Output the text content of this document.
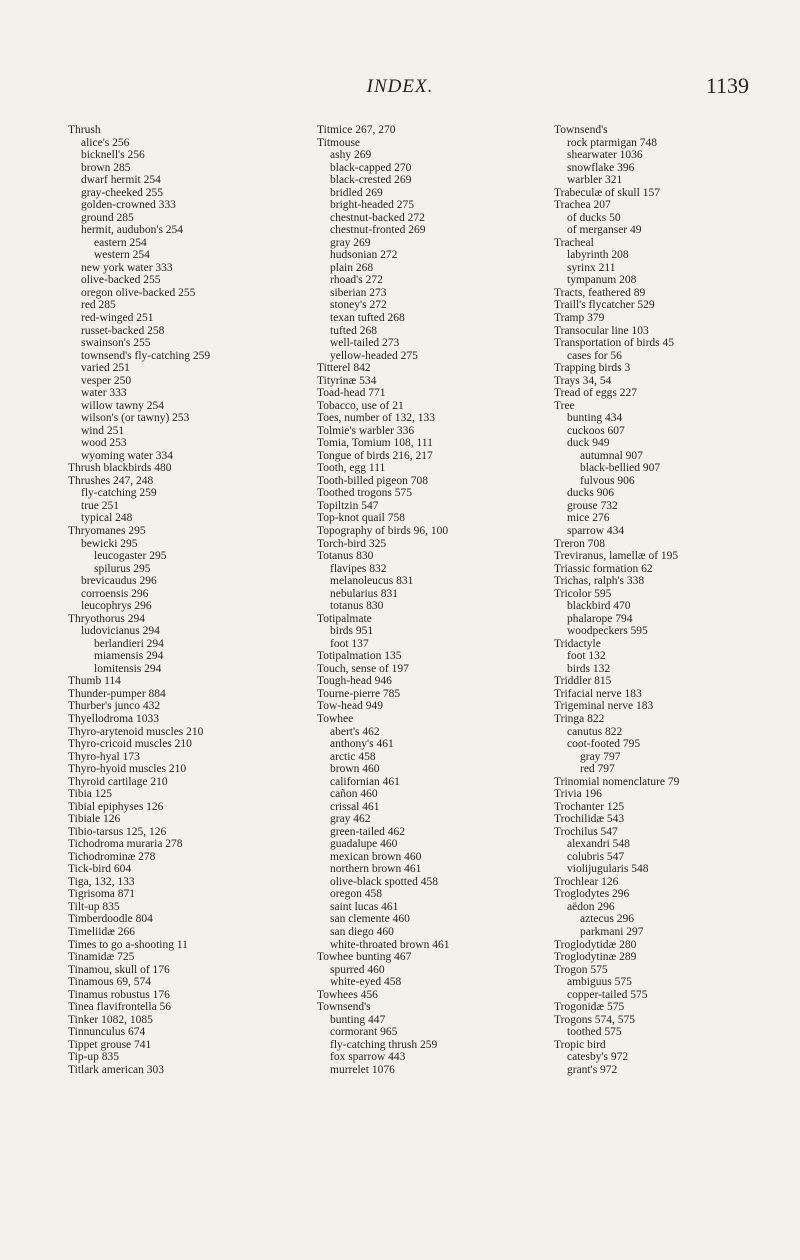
INDEX.	1139
Thrush
alice's 256
bicknell's 256
brown 285
dwarf hermit 254
gray-cheeked 255
golden-crowned 333
ground 285
hermit, audubon's 254
eastern 254
western 254
new york water 333
olive-backed 255
oregon olive-backed 255
red 285
red-winged 251
russet-backed 258
swainson's 255
townsend's fly-catching 259
varied 251
vesper 250
water 333
willow tawny 254
wilson's (or tawny) 253
wind 251
wood 253
wyoming water 334
Thrush blackbirds 480
Thrushes 247, 248
fly-catching 259
true 251
typical 248
Thryomanes 295
bewicki 295
leucogaster 295
spilurus 295
brevicaudus 296
corroensis 296
leucophrys 296
Thryothorus 294
ludovicianus 294
berlandieri 294
miamensis 294
lomitensis 294
Thumb 114
Thunder-pumper 884
Thurber's junco 432
Thyellodroma 1033
Thyro-arytenoid muscles 210
Thyro-cricoid muscles 210
Thyro-hyal 173
Thyro-hyoid muscles 210
Thyroid cartilage 210
Tibia 125
Tibial epiphyses 126
Tibiale 126
Tibio-tarsus 125, 126
Tichodroma muraria 278
Tichodrominæ 278
Tick-bird 604
Tiga, 132, 133
Tigrisoma 871
Tilt-up 835
Timberdoodle 804
Timeliidæ 266
Times to go a-shooting 11
Tinamidæ 725
Tinamou, skull of 176
Tinamous 69, 574
Tinamus robustus 176
Tinea flavifrontella 56
Tinker 1082, 1085
Tinnunculus 674
Tippet grouse 741
Tip-up 835
Titlark american 303
Titmice 267, 270
Titmouse
ashy 269
black-capped 270
black-crested 269
bridled 269
bright-headed 275
chestnut-backed 272
chestnut-fronted 269
gray 269
hudsonian 272
plain 268
rhoad's 272
siberian 273
stoney's 272
texan tufted 268
tufted 268
well-tailed 273
yellow-headed 275
Titterel 842
Tityrinæ 534
Toad-head 771
Tobacco, use of 21
Toes, number of 132, 133
Tolmie's warbler 336
Tomia, Tomium 108, 111
Tongue of birds 216, 217
Tooth, egg 111
Tooth-billed pigeon 708
Toothed trogons 575
Topiltzin 547
Top-knot quail 758
Topography of birds 96, 100
Torch-bird 325
Totanus 830
flavipes 832
melanoleucus 831
nebularius 831
totanus 830
Totipalmate
birds 951
foot 137
Totipalmation 135
Touch, sense of 197
Tough-head 946
Tourne-pierre 785
Tow-head 949
Towhee
abert's 462
anthony's 461
arctic 458
brown 460
californian 461
cañon 460
crissal 461
gray 462
green-tailed 462
guadalupe 460
mexican brown 460
northern brown 461
olive-black spotted 458
oregon 458
saint lucas 461
san clemente 460
san diego 460
white-throated brown 461
Towhee bunting 467
spurred 460
white-eyed 458
Towhees 456
Townsend's
bunting 447
cormorant 965
fly-catching thrush 259
fox sparrow 443
murrelet 1076
Townsend's
rock ptarmigan 748
shearwater 1036
snowflake 396
warbler 321
Trabeculæ of skull 157
Trachea 207
of ducks 50
of merganser 49
Tracheal
labyrinth 208
syrinx 211
tympanum 208
Tracts, feathered 89
Traill's flycatcher 529
Tramp 379
Transocular line 103
Transportation of birds 45
cases for 56
Trapping birds 3
Trays 34, 54
Tread of eggs 227
Tree
bunting 434
cuckoos 607
duck 949
autumnal 907
black-bellied 907
fulvous 906
ducks 906
grouse 732
mice 276
sparrow 434
Treron 708
Treviranus, lamellæ of 195
Triassic formation 62
Trichas, ralph's 338
Tricolor 595
blackbird 470
phalarope 794
woodpeckers 595
Tridactyle
foot 132
birds 132
Triddler 815
Trifacial nerve 183
Trigeminal nerve 183
Tringa 822
canutus 822
coot-footed 795
gray 797
red 797
Trinomial nomenclature 79
Trivia 196
Trochanter 125
Trochilidæ 543
Trochilus 547
alexandri 548
colubris 547
violijugularis 548
Trochlear 126
Troglodytes 296
aëdon 296
aztecus 296
parkmani 297
Troglodytidæ 280
Troglodytinæ 289
Trogon 575
ambiguus 575
copper-tailed 575
Trogonidæ 575
Trogons 574, 575
toothed 575
Tropic bird
catesby's 972
grant's 972
